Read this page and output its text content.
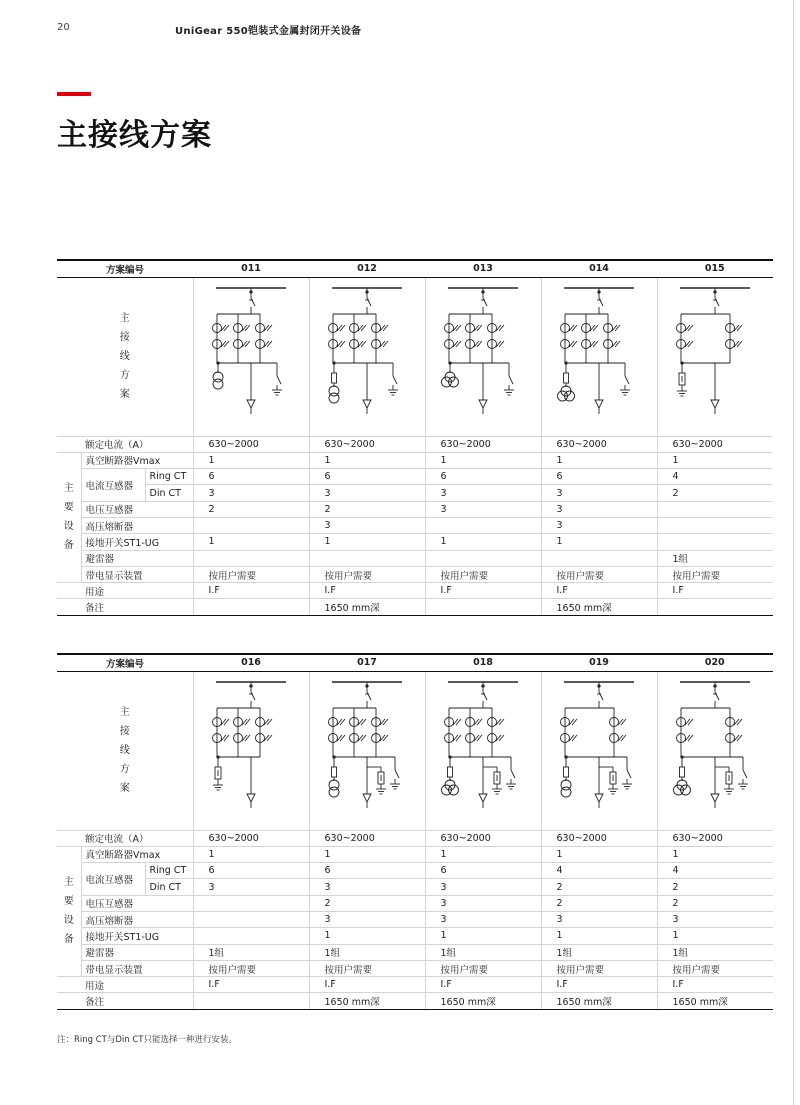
20	UniGear 550铠装式金属封闭开关设备
主接线方案
方案编号			011	012	013	014	015

主
接
线
方
案

额定电流（A）			630~2000	630~2000	630~2000	630~2000	630~2000

主
要
设
备	真空断路器Vmax		1	1	1	1	1
	电流互感器	Ring CT	6	6	6	6	4
		Din CT	3	3	3	3	2
	电压互感器		2	2	3	3	
	高压熔断器			3		3	
	接地开关ST1-UG		1	1	1	1	
	避雷器						1组
	带电显示装置		按用户需要	按用户需要	按用户需要	按用户需要	按用户需要
用途			I.F	I.F	I.F	I.F	I.F
备注				1650 mm深		1650 mm深	
方案编号			016	017	018	019	020

主
接
线
方
案

额定电流（A）			630~2000	630~2000	630~2000	630~2000	630~2000

主
要
设
备	真空断路器Vmax		1	1	1	1	1
	电流互感器	Ring CT	6	6	6	4	4
		Din CT	3	3	3	2	2
	电压互感器			2	3	2	2
	高压熔断器			3	3	3	3
	接地开关ST1-UG			1	1	1	1
	避雷器		1组	1组	1组	1组	1组
	带电显示装置		按用户需要	按用户需要	按用户需要	按用户需要	按用户需要
用途			I.F	I.F	I.F	I.F	I.F
备注				1650 mm深	1650 mm深	1650 mm深	1650 mm深
注：Ring CT与Din CT只能选择一种进行安装。
